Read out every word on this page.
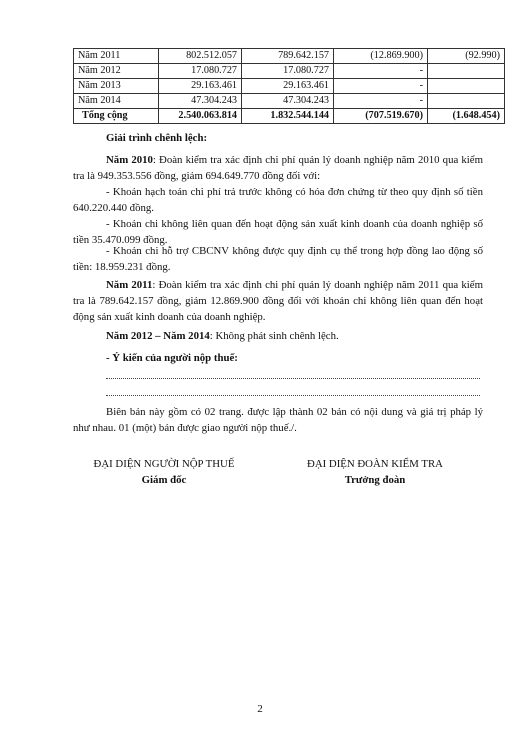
Năm 2011	802.512.057	789.642.157	(12.869.900)	(92.990)
Năm 2012	17.080.727	17.080.727	-	
Năm 2013	29.163.461	29.163.461	-	
Năm 2014	47.304.243	47.304.243	-	
Tổng cộng	2.540.063.814	1.832.544.144	(707.519.670)	(1.648.454)

Giải trình chênh lệch:

Năm 2010: Đoàn kiểm tra xác định chi phí quản lý doanh nghiệp năm 2010 qua kiểm tra là 949.353.556 đồng, giảm 694.649.770 đồng đối với:

- Khoản hạch toán chi phí trả trước không có hóa đơn chứng từ theo quy định số tiền 640.220.440 đồng.

- Khoản chi không liên quan đến hoạt động sản xuất kinh doanh của doanh nghiệp số tiền 35.470.099 đồng.

- Khoản chi hỗ trợ CBCNV không được quy định cụ thể trong hợp đồng lao động số tiền: 18.959.231 đồng.

Năm 2011: Đoàn kiểm tra xác định chi phí quản lý doanh nghiệp năm 2011 qua kiểm tra là 789.642.157 đồng, giảm 12.869.900 đồng đối với khoản chi không liên quan đến hoạt động sản xuất kinh doanh của doanh nghiệp.

Năm 2012 – Năm 2014: Không phát sinh chênh lệch.

- Ý kiến của người nộp thuế:

Biên bản này gồm có 02 trang. được lập thành 02 bản có nội dung và giá trị pháp lý như nhau. 01 (một) bản được giao người nộp thuế./.

ĐẠI DIỆN NGƯỜI NỘP THUẾ
Giám đốc
ĐẠI DIỆN ĐOÀN KIỂM TRA
Trưởng đoàn
2
